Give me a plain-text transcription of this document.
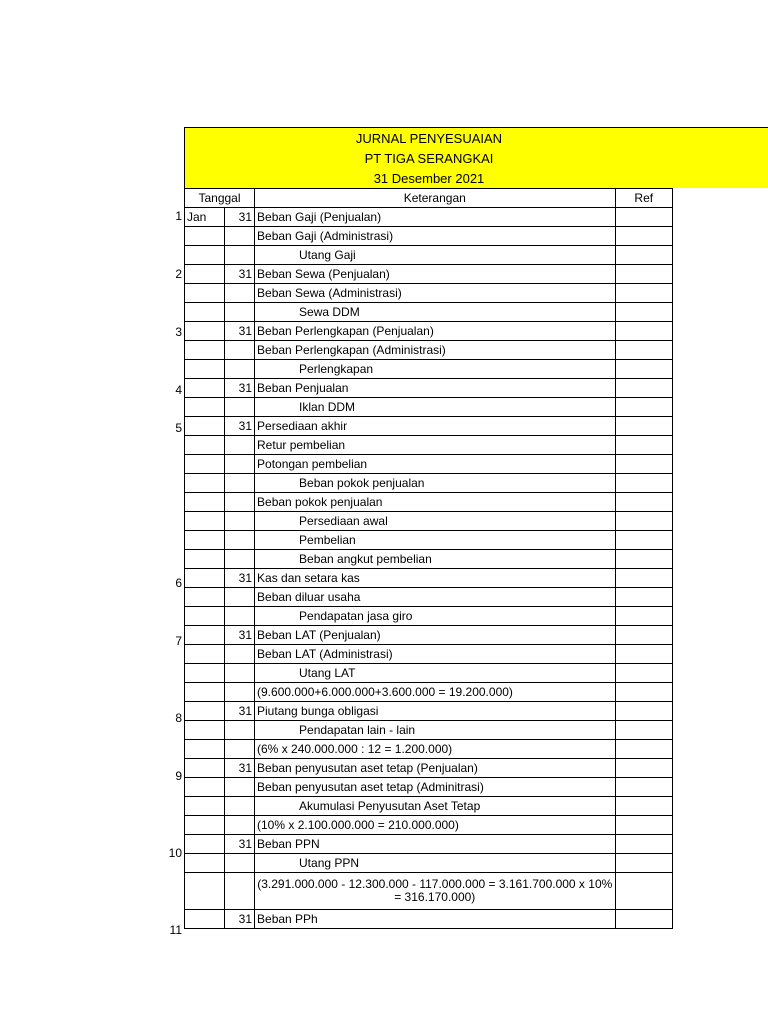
JURNAL PENYESUAIAN
PT TIGA SERANGKAI
31 Desember 2021
1
2
3
4
5
6
7
8
9
10
11
Tanggal		Keterangan	Ref
Jan	31	Beban Gaji (Penjualan)	
		Beban Gaji (Administrasi)	
		Utang Gaji	
	31	Beban Sewa (Penjualan)	
		Beban Sewa (Administrasi)	
		Sewa DDM	
	31	Beban Perlengkapan (Penjualan)	
		Beban Perlengkapan (Administrasi)	
		Perlengkapan	
	31	Beban Penjualan	
		Iklan DDM	
	31	Persediaan akhir	
		Retur pembelian	
		Potongan pembelian	
		Beban pokok penjualan	
		Beban pokok penjualan	
		Persediaan awal	
		Pembelian	
		Beban angkut pembelian	
	31	Kas dan setara kas	
		Beban diluar usaha	
		Pendapatan jasa giro	
	31	Beban LAT (Penjualan)	
		Beban LAT (Administrasi)	
		Utang LAT	
		(9.600.000+6.000.000+3.600.000 = 19.200.000)	
	31	Piutang bunga obligasi	
		Pendapatan lain - lain	
		(6% x 240.000.000 : 12 = 1.200.000)	
	31	Beban penyusutan aset tetap (Penjualan)	
		Beban penyusutan aset tetap (Adminitrasi)	
		Akumulasi Penyusutan Aset Tetap	
		(10% x 2.100.000.000 = 210.000.000)	
	31	Beban PPN	
		Utang PPN	
		(3.291.000.000 - 12.300.000 - 117.000.000 = 3.161.700.000 x 10% = 316.170.000)	
	31	Beban PPh	
